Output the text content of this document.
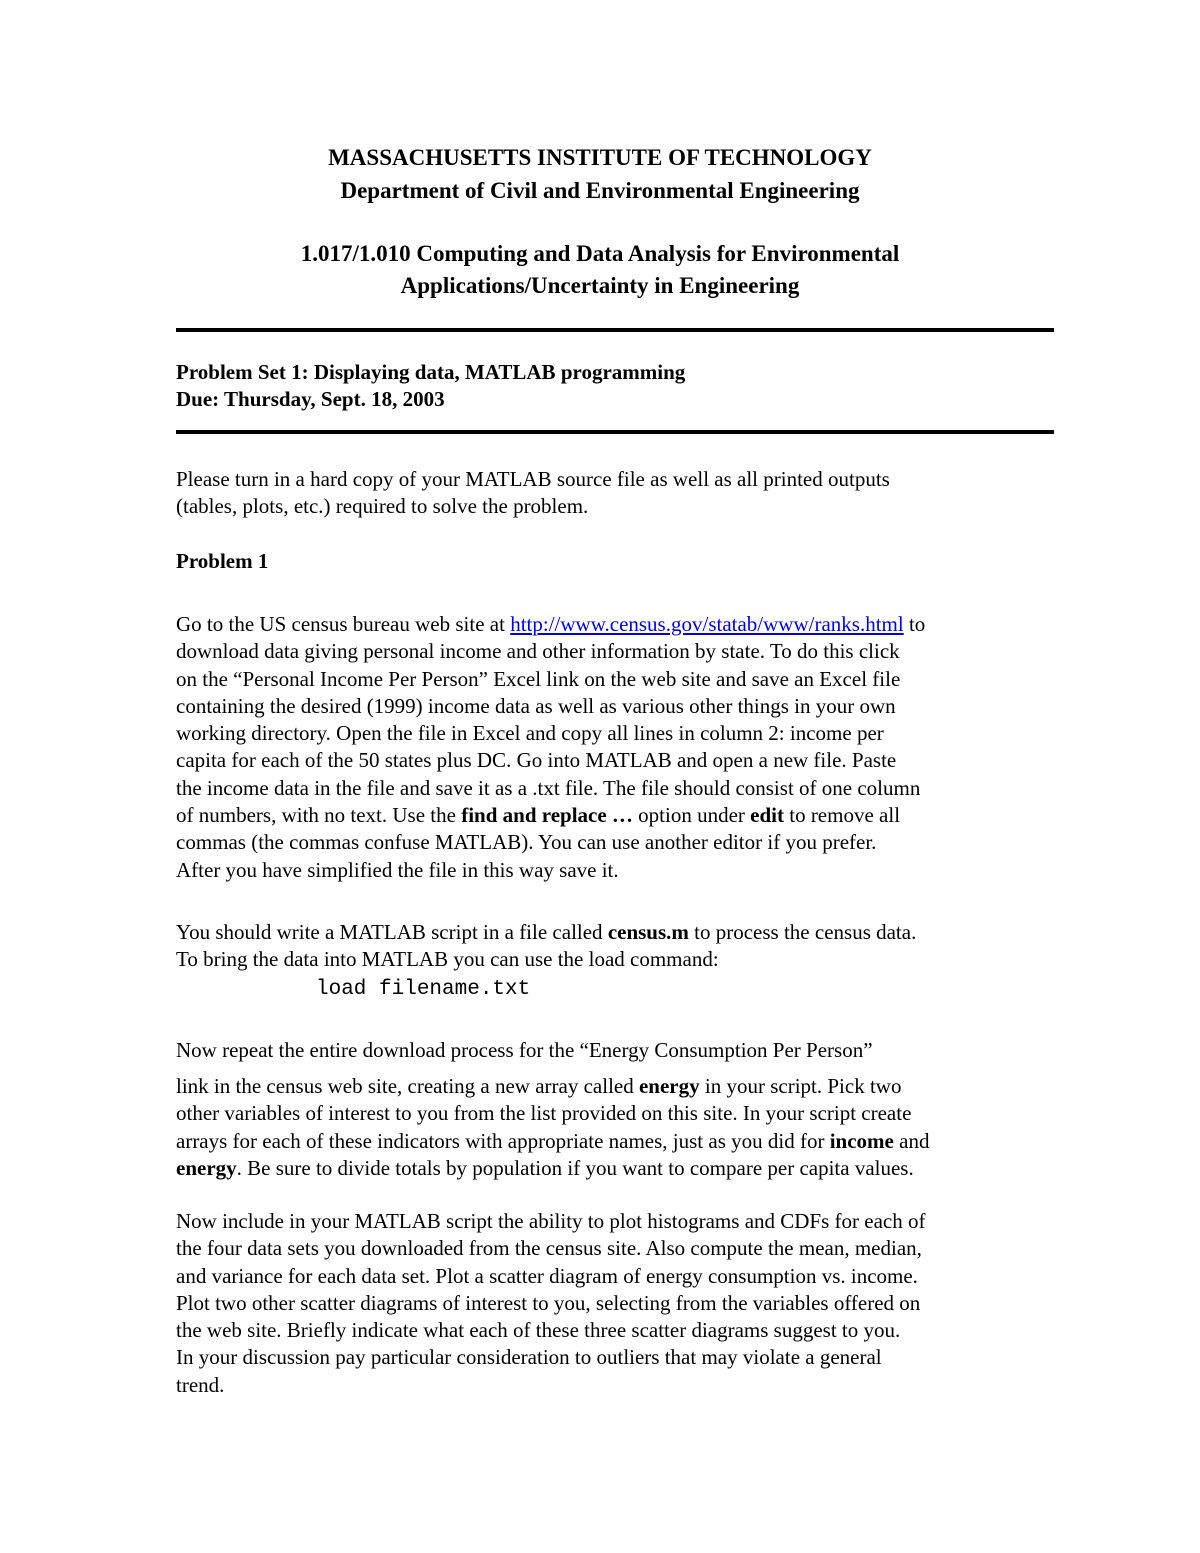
MASSACHUSETTS INSTITUTE OF TECHNOLOGY
Department of Civil and Environmental Engineering
1.017/1.010 Computing and Data Analysis for Environmental
Applications/Uncertainty in Engineering
Problem Set 1: Displaying data, MATLAB programming
Due: Thursday, Sept. 18, 2003
Please turn in a hard copy of your MATLAB source file as well as all printed outputs
(tables, plots, etc.) required to solve the problem.
Problem 1
Go to the US census bureau web site at http://www.census.gov/statab/www/ranks.html to
download data giving personal income and other information by state. To do this click
on the “Personal Income Per Person” Excel link on the web site and save an Excel file
containing the desired (1999) income data as well as various other things in your own
working directory. Open the file in Excel and copy all lines in column 2: income per
capita for each of the 50 states plus DC. Go into MATLAB and open a new file. Paste
the income data in the file and save it as a .txt file. The file should consist of one column
of numbers, with no text. Use the find and replace … option under edit to remove all
commas (the commas confuse MATLAB). You can use another editor if you prefer.
After you have simplified the file in this way save it.
You should write a MATLAB script in a file called census.m to process the census data.
To bring the data into MATLAB you can use the load command:
load filename.txt
Now repeat the entire download process for the “Energy Consumption Per Person”
link in the census web site, creating a new array called energy in your script. Pick two
other variables of interest to you from the list provided on this site. In your script create
arrays for each of these indicators with appropriate names, just as you did for income and
energy. Be sure to divide totals by population if you want to compare per capita values.
Now include in your MATLAB script the ability to plot histograms and CDFs for each of
the four data sets you downloaded from the census site. Also compute the mean, median,
and variance for each data set. Plot a scatter diagram of energy consumption vs. income.
Plot two other scatter diagrams of interest to you, selecting from the variables offered on
the web site. Briefly indicate what each of these three scatter diagrams suggest to you.
In your discussion pay particular consideration to outliers that may violate a general
trend.
